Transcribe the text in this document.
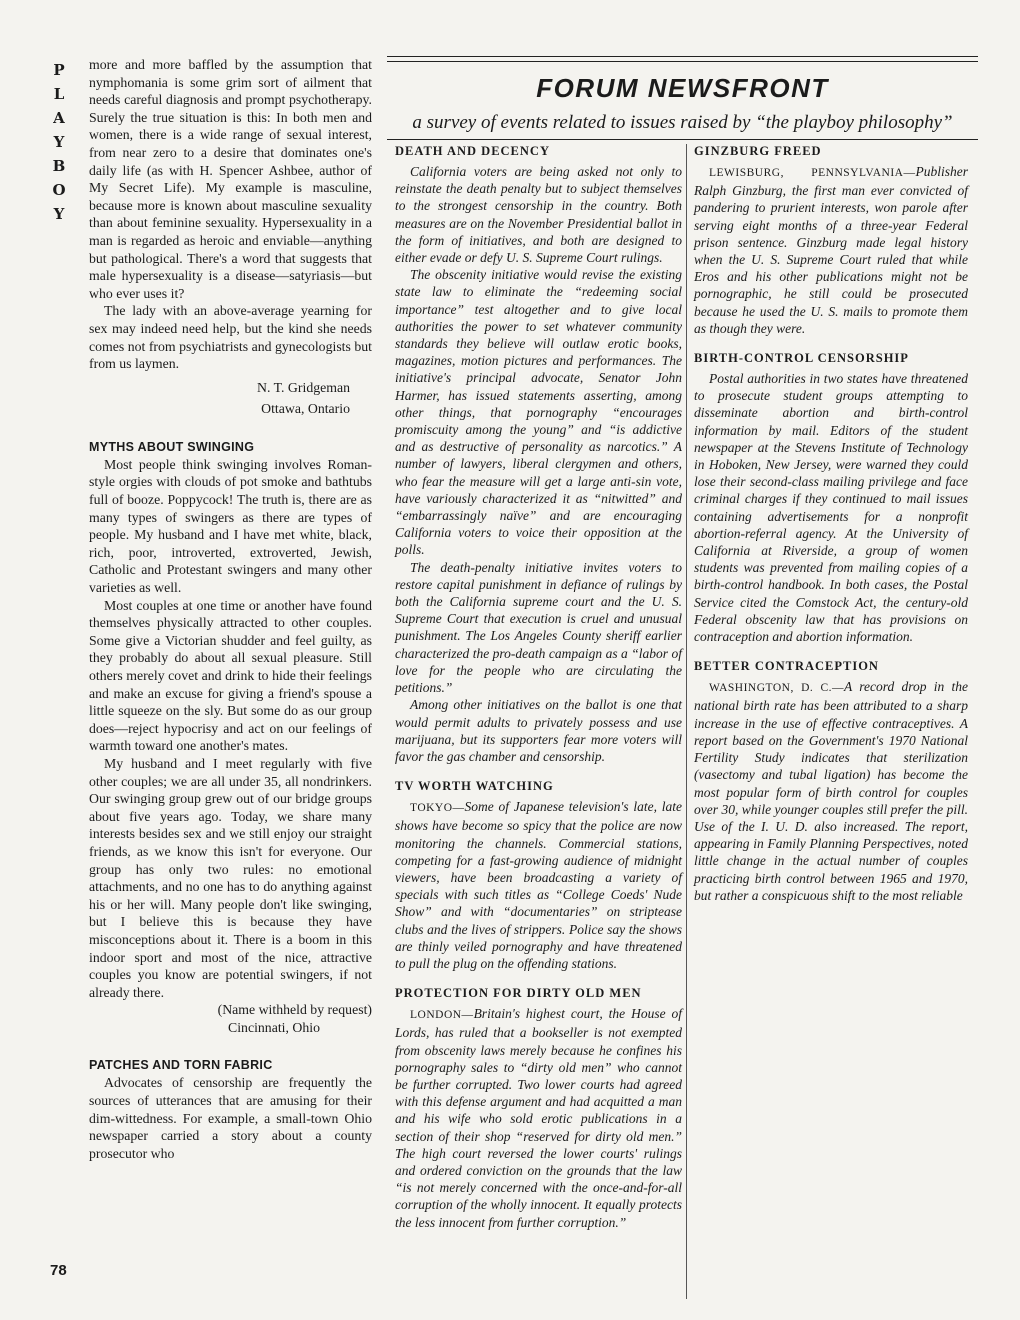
P
L
A
Y
B
O
Y
78

more and more baffled by the assumption that nymphomania is some grim sort of ailment that needs careful diagnosis and prompt psychotherapy. Surely the true situation is this: In both men and women, there is a wide range of sexual interest, from near zero to a desire that dominates one's daily life (as with H. Spencer Ashbee, author of My Secret Life). My example is masculine, because more is known about masculine sexuality than about feminine sexuality. Hypersexuality in a man is regarded as heroic and enviable—anything but pathological. There's a word that suggests that male hypersexuality is a disease—satyriasis—but who ever uses it?

The lady with an above-average yearning for sex may indeed need help, but the kind she needs comes not from psychiatrists and gynecologists but from us laymen.

N. T. Gridgeman
Ottawa, Ontario
MYTHS ABOUT SWINGING

Most people think swinging involves Roman-style orgies with clouds of pot smoke and bathtubs full of booze. Poppycock! The truth is, there are as many types of swingers as there are types of people. My husband and I have met white, black, rich, poor, introverted, extroverted, Jewish, Catholic and Protestant swingers and many other varieties as well.

Most couples at one time or another have found themselves physically attracted to other couples. Some give a Victorian shudder and feel guilty, as they probably do about all sexual pleasure. Still others merely covet and drink to hide their feelings and make an excuse for giving a friend's spouse a little squeeze on the sly. But some do as our group does—reject hypocrisy and act on our feelings of warmth toward one another's mates.

My husband and I meet regularly with five other couples; we are all under 35, all nondrinkers. Our swinging group grew out of our bridge groups about five years ago. Today, we share many interests besides sex and we still enjoy our straight friends, as we know this isn't for everyone. Our group has only two rules: no emotional attachments, and no one has to do anything against his or her will. Many people don't like swinging, but I believe this is because they have misconceptions about it. There is a boom in this indoor sport and most of the nice, attractive couples you know are potential swingers, if not already there.

(Name withheld by request)
Cincinnati, Ohio
PATCHES AND TORN FABRIC

Advocates of censorship are frequently the sources of utterances that are amusing for their dim-wittedness. For example, a small-town Ohio newspaper carried a story about a county prosecutor who

FORUM NEWSFRONT
a survey of events related to issues raised by “the playboy philosophy”
DEATH AND DECENCY

California voters are being asked not only to reinstate the death penalty but to subject themselves to the strongest censorship in the country. Both measures are on the November Presidential ballot in the form of initiatives, and both are designed to either evade or defy U. S. Supreme Court rulings.

The obscenity initiative would revise the existing state law to eliminate the “redeeming social importance” test altogether and to give local authorities the power to set whatever community standards they believe will outlaw erotic books, magazines, motion pictures and performances. The initiative's principal advocate, Senator John Harmer, has issued statements asserting, among other things, that pornography “encourages promiscuity among the young” and “is addictive and as destructive of personality as narcotics.” A number of lawyers, liberal clergymen and others, who fear the measure will get a large anti-sin vote, have variously characterized it as “nitwitted” and “embarrassingly naïve” and are encouraging California voters to voice their opposition at the polls.

The death-penalty initiative invites voters to restore capital punishment in defiance of rulings by both the California supreme court and the U. S. Supreme Court that execution is cruel and unusual punishment. The Los Angeles County sheriff earlier characterized the pro-death campaign as a “labor of love for the people who are circulating the petitions.”

Among other initiatives on the ballot is one that would permit adults to privately possess and use marijuana, but its supporters fear more voters will favor the gas chamber and censorship.

TV WORTH WATCHING

TOKYO—Some of Japanese television's late, late shows have become so spicy that the police are now monitoring the channels. Commercial stations, competing for a fast-growing audience of midnight viewers, have been broadcasting a variety of specials with such titles as “College Coeds' Nude Show” and with “documentaries” on striptease clubs and the lives of strippers. Police say the shows are thinly veiled pornography and have threatened to pull the plug on the offending stations.

PROTECTION FOR DIRTY OLD MEN

LONDON—Britain's highest court, the House of Lords, has ruled that a bookseller is not exempted from obscenity laws merely because he confines his pornography sales to “dirty old men” who cannot be further corrupted. Two lower courts had agreed with this defense argument and had acquitted a man and his wife who sold erotic publications in a section of their shop “reserved for dirty old men.” The high court reversed the lower courts' rulings and ordered conviction on the grounds that the law “is not merely concerned with the once-and-for-all corruption of the wholly innocent. It equally protects the less innocent from further corruption.”

GINZBURG FREED

LEWISBURG, PENNSYLVANIA—Publisher Ralph Ginzburg, the first man ever convicted of pandering to prurient interests, won parole after serving eight months of a three-year Federal prison sentence. Ginzburg made legal history when the U. S. Supreme Court ruled that while Eros and his other publications might not be pornographic, he still could be prosecuted because he used the U. S. mails to promote them as though they were.

BIRTH-CONTROL CENSORSHIP

Postal authorities in two states have threatened to prosecute student groups attempting to disseminate abortion and birth-control information by mail. Editors of the student newspaper at the Stevens Institute of Technology in Hoboken, New Jersey, were warned they could lose their second-class mailing privilege and face criminal charges if they continued to mail issues containing advertisements for a nonprofit abortion-referral agency. At the University of California at Riverside, a group of women students was prevented from mailing copies of a birth-control handbook. In both cases, the Postal Service cited the Comstock Act, the century-old Federal obscenity law that has provisions on contraception and abortion information.

BETTER CONTRACEPTION

WASHINGTON, D. C.—A record drop in the national birth rate has been attributed to a sharp increase in the use of effective contraceptives. A report based on the Government's 1970 National Fertility Study indicates that sterilization (vasectomy and tubal ligation) has become the most popular form of birth control for couples over 30, while younger couples still prefer the pill. Use of the I. U. D. also increased. The report, appearing in Family Planning Perspectives, noted little change in the actual number of couples practicing birth control between 1965 and 1970, but rather a conspicuous shift to the most reliable
